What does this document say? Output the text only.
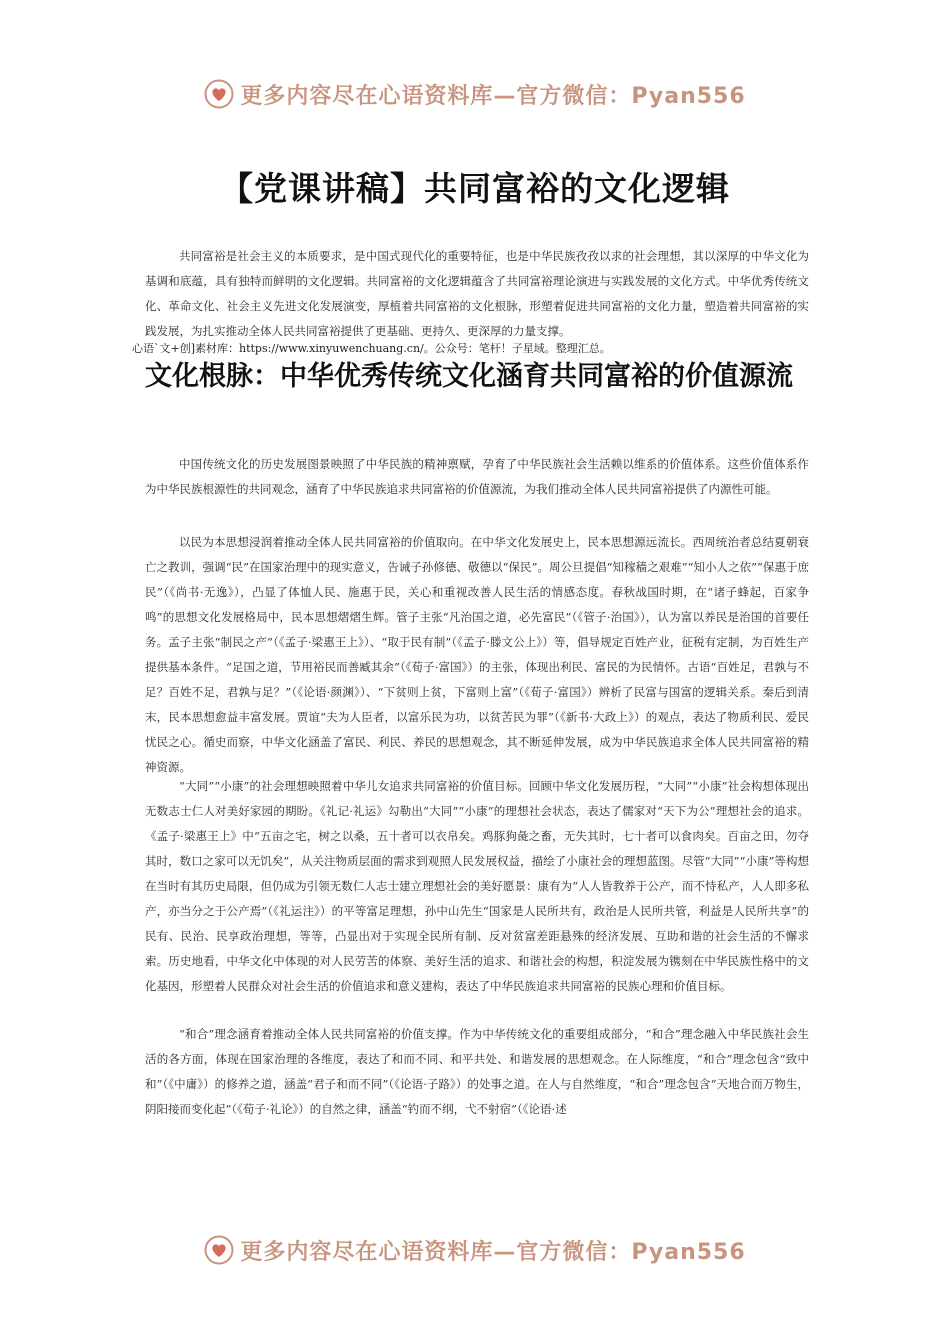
更多内容尽在心语资料库—官方微信：Pyan556
【党课讲稿】共同富裕的文化逻辑

共同富裕是社会主义的本质要求，是中国式现代化的重要特征，也是中华民族孜孜以求的社会理想，其以深厚的中华文化为基调和底蕴，具有独特而鲜明的文化逻辑。共同富裕的文化逻辑蕴含了共同富裕理论演进与实践发展的文化方式。中华优秀传统文化、革命文化、社会主义先进文化发展演变，厚植着共同富裕的文化根脉，形塑着促进共同富裕的文化力量，塑造着共同富裕的实践发展，为扎实推动全体人民共同富裕提供了更基础、更持久、更深厚的力量支撑。

心语`文+创]素材库：https://www.xinyuwenchuang.cn/。公众号：笔杆！子星域。整理汇总。

文化根脉：中华优秀传统文化涵育共同富裕的价值源流

中国传统文化的历史发展图景映照了中华民族的精神禀赋，孕育了中华民族社会生活赖以维系的价值体系。这些价值体系作为中华民族根源性的共同观念，涵育了中华民族追求共同富裕的价值源流，为我们推动全体人民共同富裕提供了内源性可能。

以民为本思想浸润着推动全体人民共同富裕的价值取向。在中华文化发展史上，民本思想源远流长。西周统治者总结夏朝衰亡之教训，强调“民”在国家治理中的现实意义，告诫子孙修德、敬德以“保民”。周公旦提倡“知稼穑之艰难”“知小人之依”“保惠于庶民”（《尚书·无逸》），凸显了体恤人民、施惠于民，关心和重视改善人民生活的情感态度。春秋战国时期，在“诸子蜂起，百家争鸣”的思想文化发展格局中，民本思想熠熠生辉。管子主张“凡治国之道，必先富民”（《管子·治国》），认为富以养民是治国的首要任务。孟子主张“制民之产”（《孟子·梁惠王上》）、“取于民有制”（《孟子·滕文公上》）等，倡导规定百姓产业，征税有定制，为百姓生产提供基本条件。“足国之道，节用裕民而善臧其余”（《荀子·富国》）的主张，体现出利民、富民的为民情怀。古语“百姓足，君孰与不足？百姓不足，君孰与足？”（《论语·颜渊》）、“下贫则上贫，下富则上富”（《荀子·富国》）辨析了民富与国富的逻辑关系。秦后到清末，民本思想愈益丰富发展。贾谊“夫为人臣者，以富乐民为功，以贫苦民为罪”（《新书·大政上》）的观点，表达了物质利民、爱民忧民之心。循史而察，中华文化涵盖了富民、利民、养民的思想观念，其不断延伸发展，成为中华民族追求全体人民共同富裕的精神资源。

“大同”“小康”的社会理想映照着中华儿女追求共同富裕的价值目标。回顾中华文化发展历程，“大同”“小康”社会构想体现出无数志士仁人对美好家园的期盼。《礼记·礼运》勾勒出“大同”“小康”的理想社会状态，表达了儒家对“天下为公”理想社会的追求。《孟子·梁惠王上》中“五亩之宅，树之以桑，五十者可以衣帛矣。鸡豚狗彘之畜，无失其时，七十者可以食肉矣。百亩之田，勿夺其时，数口之家可以无饥矣”，从关注物质层面的需求到观照人民发展权益，描绘了小康社会的理想蓝图。尽管“大同”“小康”等构想在当时有其历史局限，但仍成为引领无数仁人志士建立理想社会的美好愿景：康有为“人人皆教养于公产，而不恃私产，人人即多私产，亦当分之于公产焉”（《礼运注》）的平等富足理想，孙中山先生“国家是人民所共有，政治是人民所共管，利益是人民所共享”的民有、民治、民享政治理想，等等，凸显出对于实现全民所有制、反对贫富差距悬殊的经济发展、互助和谐的社会生活的不懈求索。历史地看，中华文化中体现的对人民劳苦的体察、美好生活的追求、和谐社会的构想，积淀发展为镌刻在中华民族性格中的文化基因，形塑着人民群众对社会生活的价值追求和意义建构，表达了中华民族追求共同富裕的民族心理和价值目标。

“和合”理念涵育着推动全体人民共同富裕的价值支撑。作为中华传统文化的重要组成部分，“和合”理念融入中华民族社会生活的各方面，体现在国家治理的各维度，表达了和而不同、和平共处、和谐发展的思想观念。在人际维度，“和合”理念包含“致中和”（《中庸》）的修养之道，涵盖“君子和而不同”（《论语·子路》）的处事之道。在人与自然维度，“和合”理念包含“天地合而万物生，阴阳接而变化起”（《荀子·礼论》）的自然之律，涵盖“钓而不纲，弋不射宿”（《论语·述

更多内容尽在心语资料库—官方微信：Pyan556
